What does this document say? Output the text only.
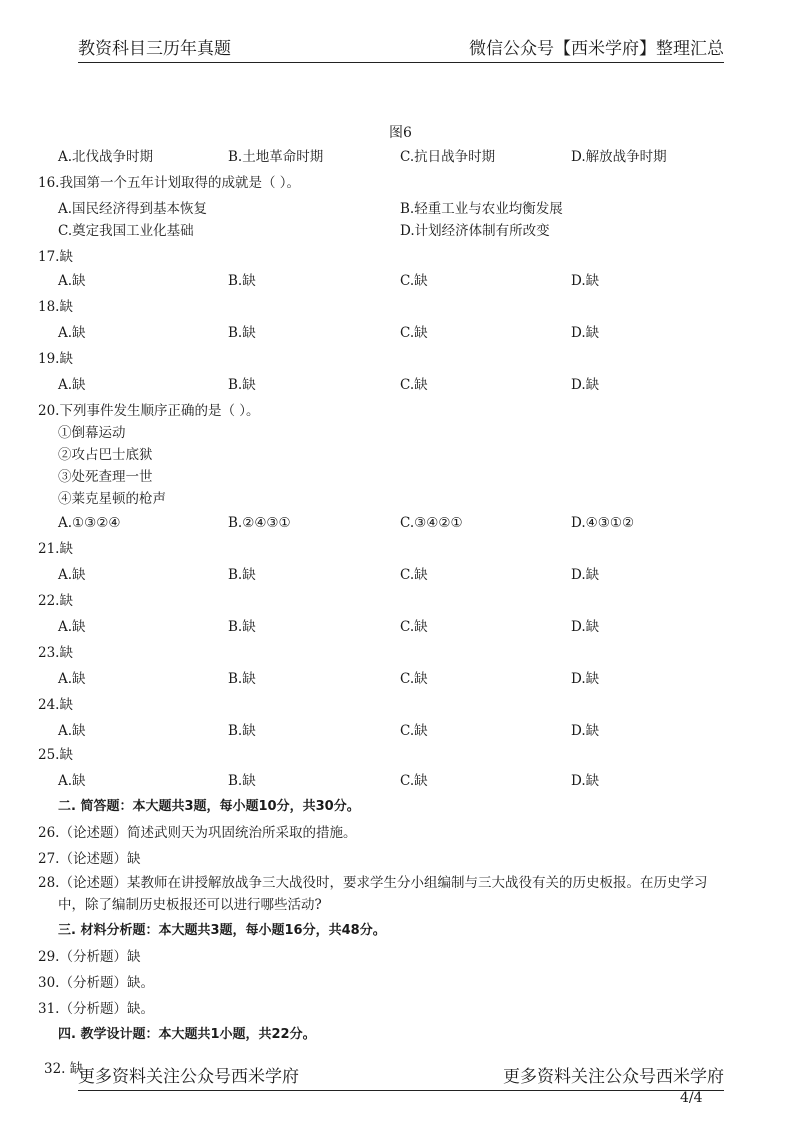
教资科目三历年真题	微信公众号【西米学府】整理汇总
图6
A.北伐战争时期	B.土地革命时期	C.抗日战争时期	D.解放战争时期
16.我国第一个五年计划取得的成就是（ ）。
A.国民经济得到基本恢复	B.轻重工业与农业均衡发展
C.奠定我国工业化基础	D.计划经济体制有所改变
17.缺
A.缺	B.缺	C.缺	D.缺
18.缺
A.缺	B.缺	C.缺	D.缺
19.缺
A.缺	B.缺	C.缺	D.缺
20.下列事件发生顺序正确的是（ ）。
①倒幕运动
②攻占巴士底狱
③处死查理一世
④莱克星顿的枪声
A.①③②④	B.②④③①	C.③④②①	D.④③①②
21.缺
A.缺	B.缺	C.缺	D.缺
22.缺
A.缺	B.缺	C.缺	D.缺
23.缺
A.缺	B.缺	C.缺	D.缺
24.缺
A.缺	B.缺	C.缺	D.缺
25.缺
A.缺	B.缺	C.缺	D.缺
二. 简答题：本大题共3题，每小题10分，共30分。
26.（论述题）简述武则天为巩固统治所采取的措施。
27.（论述题）缺
28.（论述题）某教师在讲授解放战争三大战役时，要求学生分小组编制与三大战役有关的历史板报。在历史学习
中，除了编制历史板报还可以进行哪些活动?
三. 材料分析题：本大题共3题，每小题16分，共48分。
29.（分析题）缺
30.（分析题）缺。
31.（分析题）缺。
四. 教学设计题：本大题共1小题，共22分。
32. 缺
更多资料关注公众号西米学府	更多资料关注公众号西米学府
4/4
